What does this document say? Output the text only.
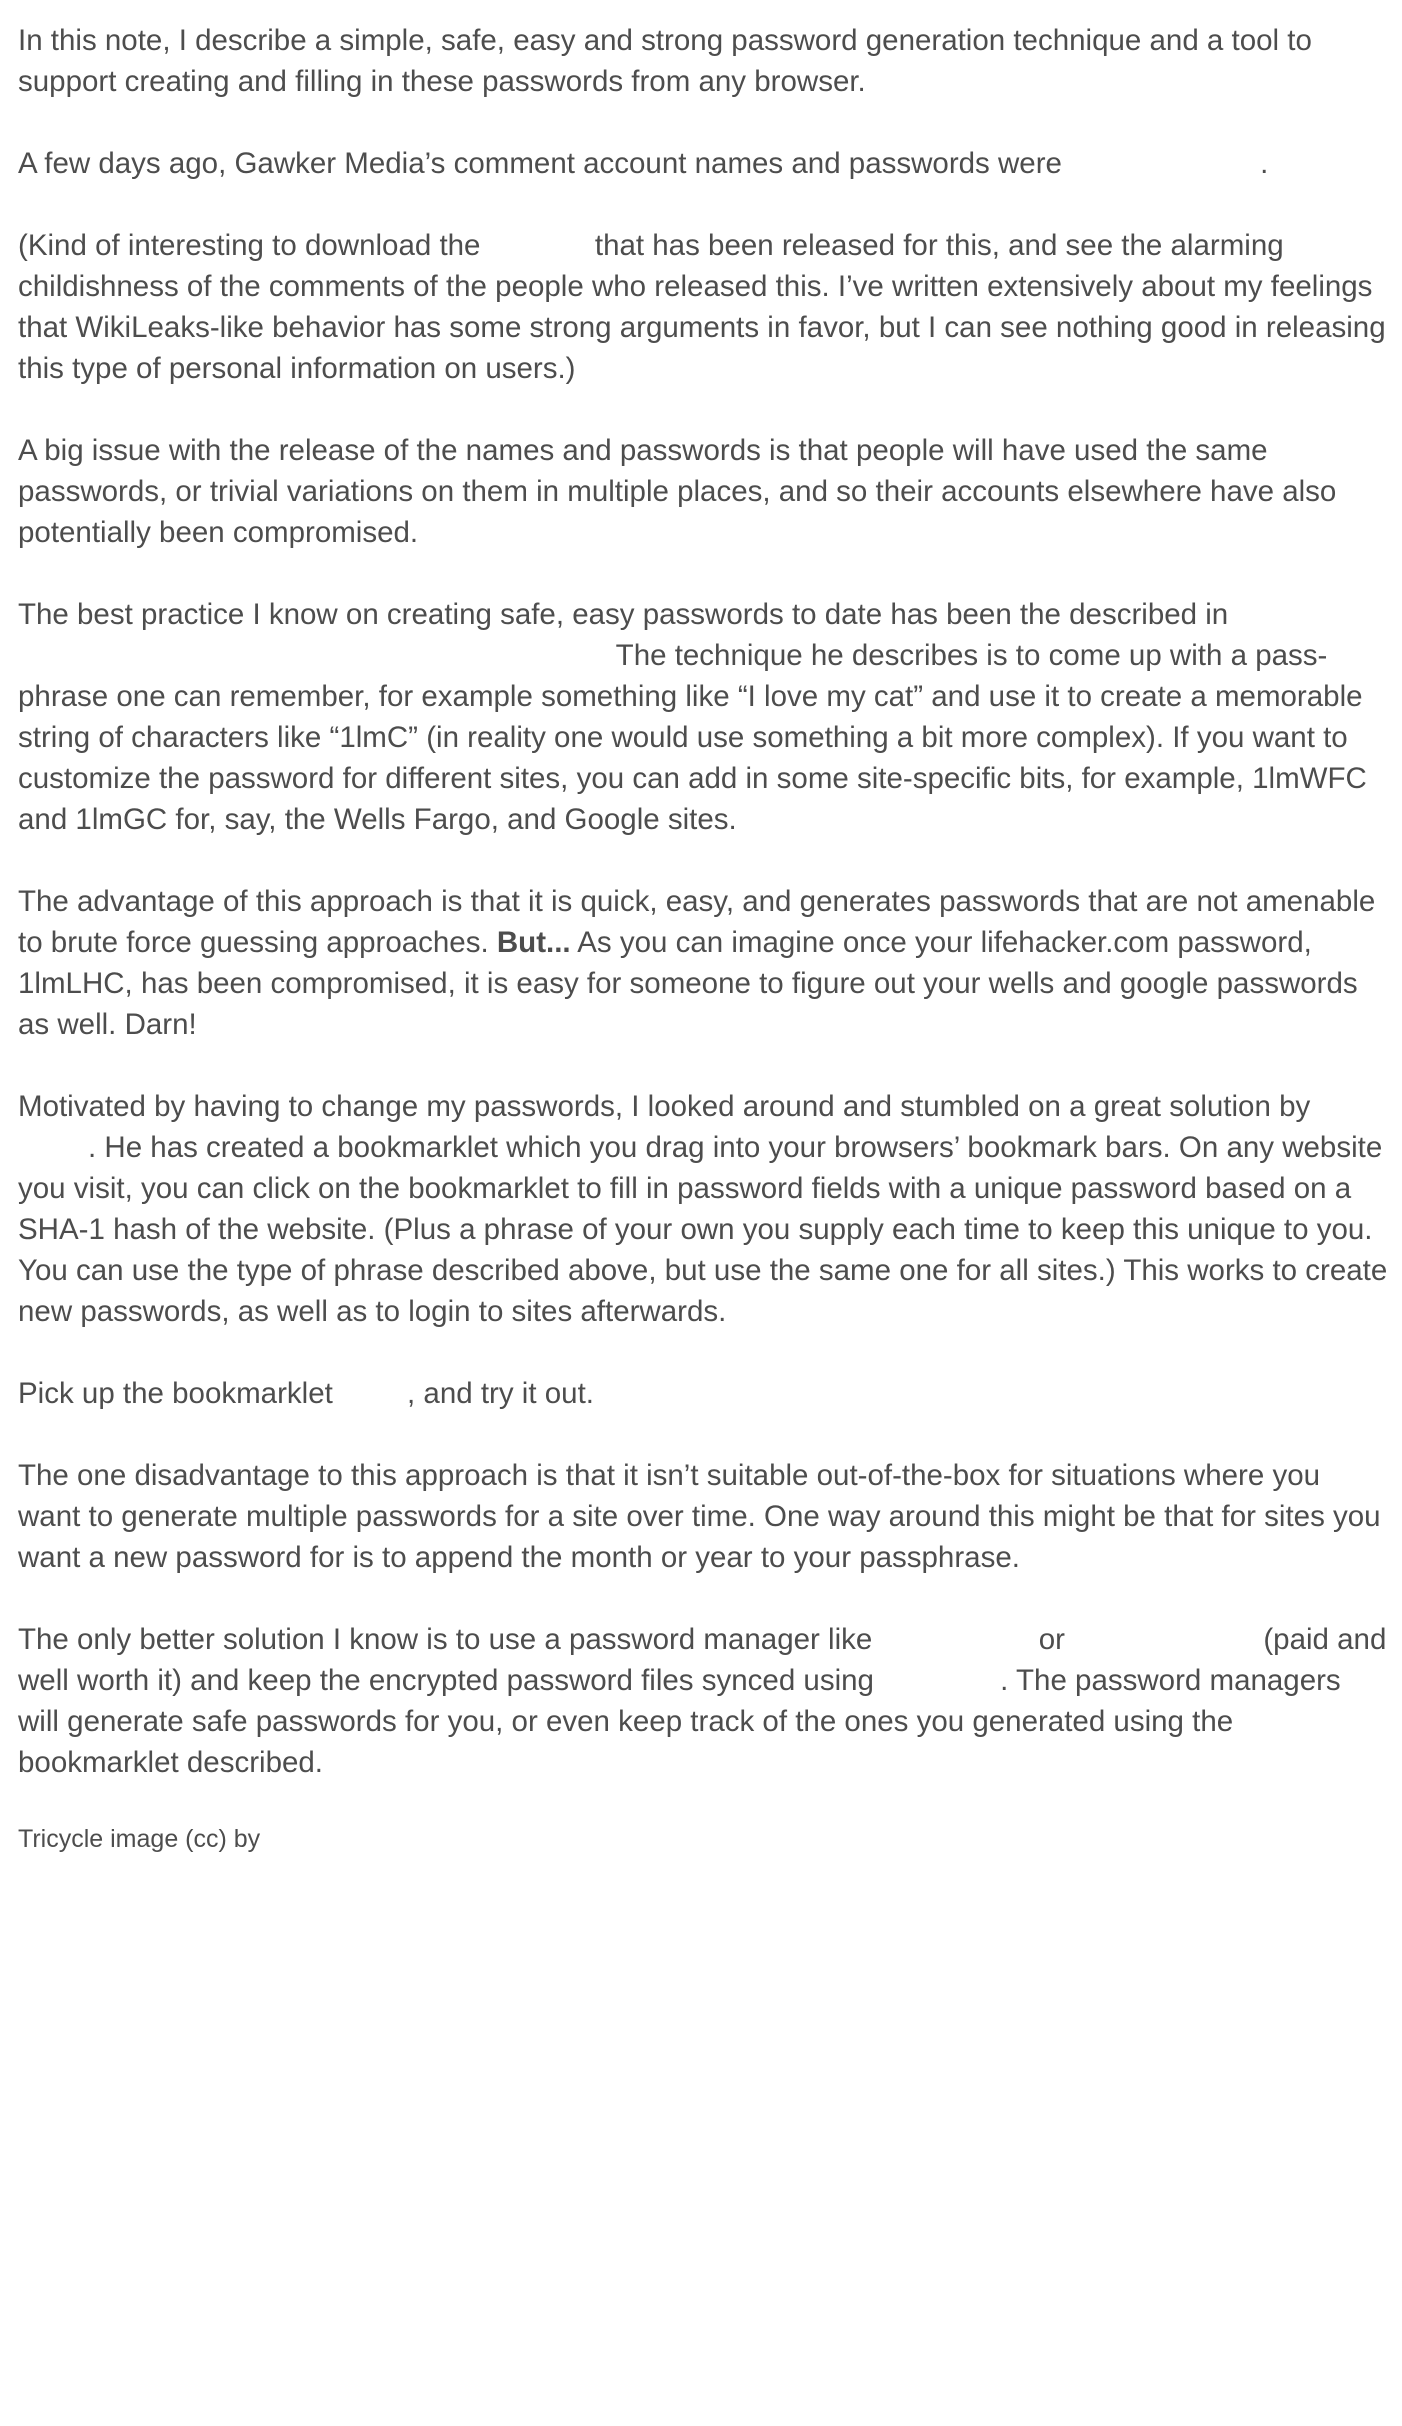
In this note, I describe a simple, safe, easy and strong password generation technique and a tool to support creating and filling in these passwords from any browser.

A few days ago, Gawker Media’s comment account names and passwords were	.

(Kind of interesting to download the	that has been released for this, and see the alarming childishness of the comments of the people who released this. I’ve written extensively about my feelings that WikiLeaks-like behavior has some strong arguments in favor, but I can see nothing good in releasing this type of personal information on users.)

A big issue with the release of the names and passwords is that people will have used the same passwords, or trivial variations on them in multiple places, and so their accounts elsewhere have also potentially been compromised.

The best practice I know on creating safe, easy passwords to date has been the described in  The technique he describes is to come up with a pass-phrase one can remember, for example something like “I love my cat” and use it to create a memorable string of characters like “1lmC” (in reality one would use something a bit more complex). If you want to customize the password for different sites, you can add in some site-specific bits, for example, 1lmWFC and 1lmGC for, say, the Wells Fargo, and Google sites.

The advantage of this approach is that it is quick, easy, and generates passwords that are not amenable to brute force guessing approaches. But... As you can imagine once your lifehacker.com password, 1lmLHC, has been compromised, it is easy for someone to figure out your wells and google passwords as well. Darn!

Motivated by having to change my passwords, I looked around and stumbled on a great solution by . He has created a bookmarklet which you drag into your browsers’ bookmark bars. On any website you visit, you can click on the bookmarklet to fill in password fields with a unique password based on a SHA-1 hash of the website. (Plus a phrase of your own you supply each time to keep this unique to you. You can use the type of phrase described above, but use the same one for all sites.) This works to create new passwords, as well as to login to sites afterwards.

Pick up the bookmarklet	, and try it out.

The one disadvantage to this approach is that it isn’t suitable out-of-the-box for situations where you want to generate multiple passwords for a site over time. One way around this might be that for sites you want a new password for is to append the month or year to your passphrase.

The only better solution I know is to use a password manager like	or	(paid and well worth it) and keep the encrypted password files synced using	. The password managers will generate safe passwords for you, or even keep track of the ones you generated using the bookmarklet described.

Tricycle image (cc) by
